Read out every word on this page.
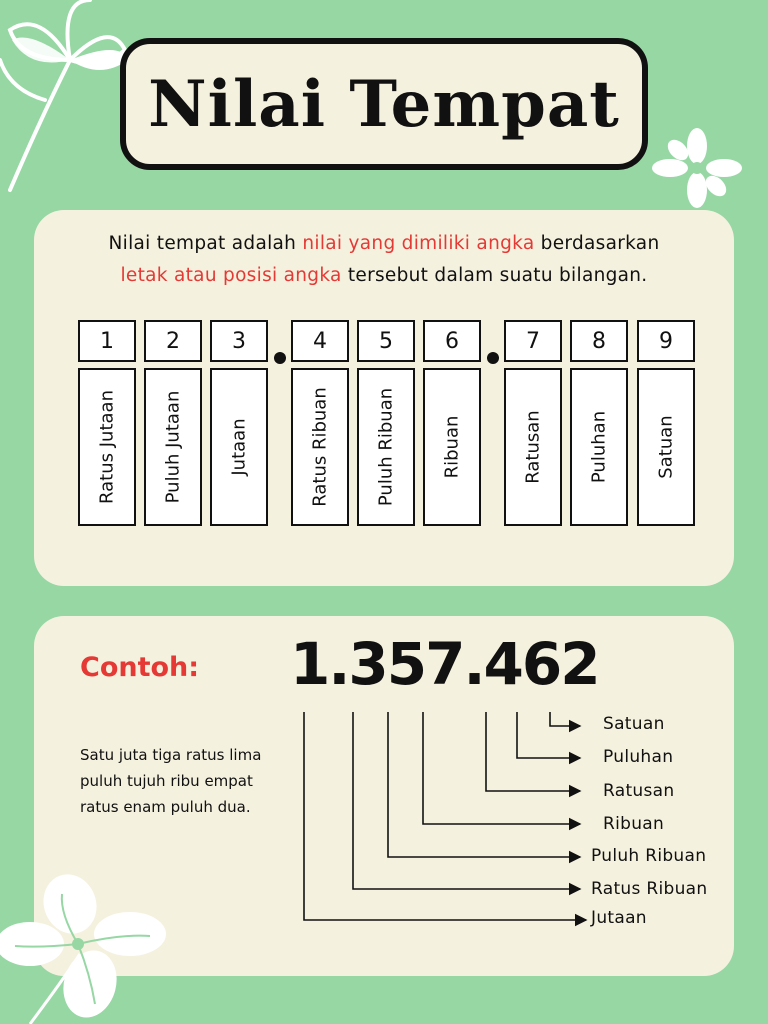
Nilai Tempat
Nilai tempat adalah nilai yang dimiliki angka berdasarkan
letak atau posisi angka tersebut dalam suatu bilangan.
1	2	3	4	5	6	7	8	9
Ratus Jutaan	Puluh Jutaan	Jutaan	Ratus Ribuan	Puluh Ribuan	Ribuan	Ratusan	Puluhan	Satuan
Contoh: 1.357.462
Satu juta tiga ratus lima puluh tujuh ribu empat ratus enam puluh dua.
Satuan
Puluhan
Ratusan
Ribuan
Puluh Ribuan
Ratus Ribuan
Jutaan
